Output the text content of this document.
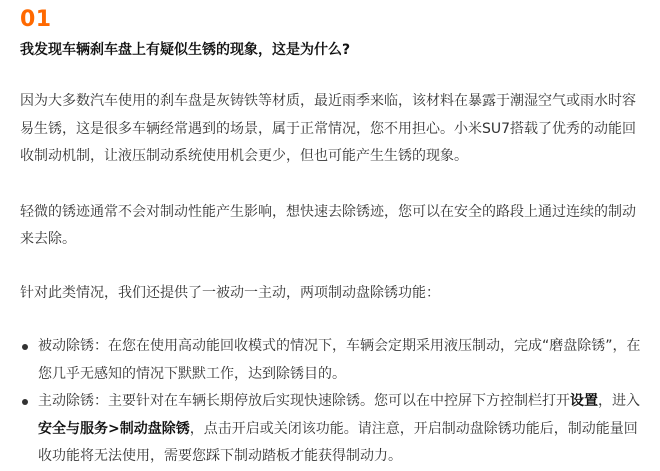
01
我发现车辆刹车盘上有疑似生锈的现象，这是为什么?

因为大多数汽车使用的刹车盘是灰铸铁等材质，最近雨季来临，该材料在暴露于潮湿空气或雨水时容易生锈，这是很多车辆经常遇到的场景，属于正常情况，您不用担心。小米SU7搭载了优秀的动能回收制动机制，让液压制动系统使用机会更少，但也可能产生生锈的现象。

轻微的锈迹通常不会对制动性能产生影响，想快速去除锈迹，您可以在安全的路段上通过连续的制动来去除。

针对此类情况，我们还提供了一被动一主动，两项制动盘除锈功能：

被动除锈：在您在使用高动能回收模式的情况下，车辆会定期采用液压制动，完成“磨盘除锈”，在您几乎无感知的情况下默默工作，达到除锈目的。
主动除锈：主要针对在车辆长期停放后实现快速除锈。您可以在中控屏下方控制栏打开设置，进入安全与服务>制动盘除锈，点击开启或关闭该功能。请注意，开启制动盘除锈功能后，制动能量回收功能将无法使用，需要您踩下制动踏板才能获得制动力。
